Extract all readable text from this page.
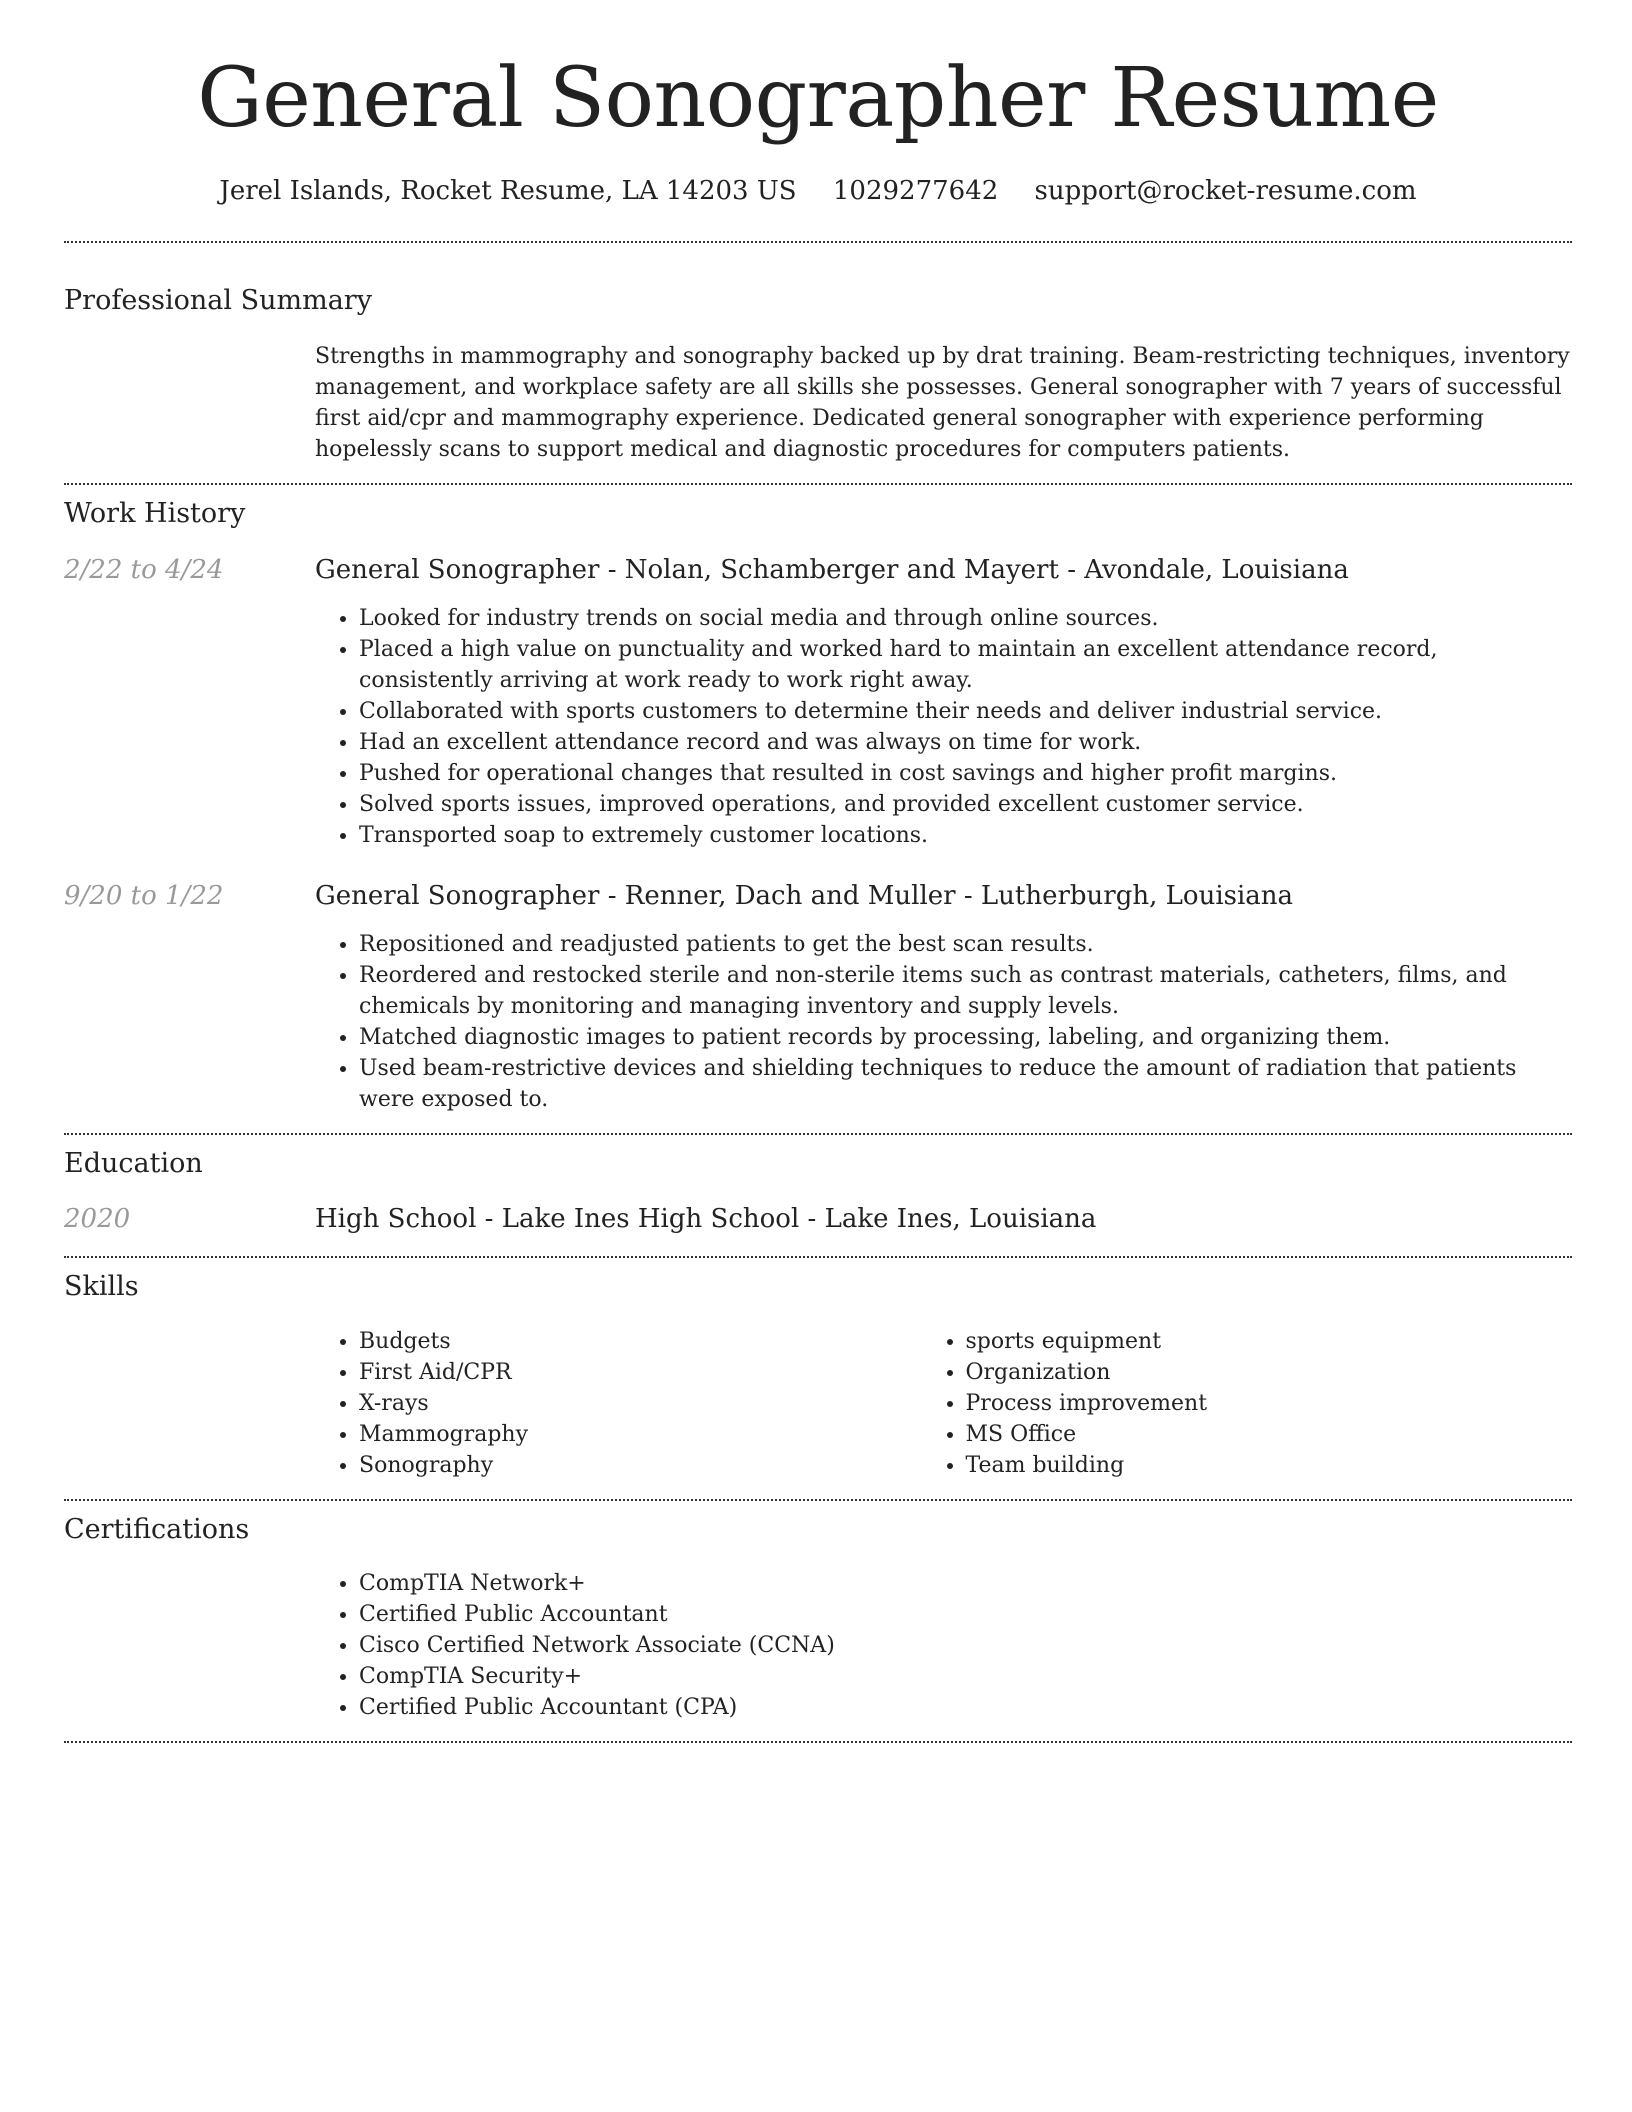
General Sonographer Resume
Jerel Islands, Rocket Resume, LA 14203 US 1029277642 support@rocket-resume.com
Professional Summary

Strengths in mammography and sonography backed up by drat training. Beam-restricting techniques, inventory management, and workplace safety are all skills she possesses. General sonographer with 7 years of successful first aid/cpr and mammography experience. Dedicated general sonographer with experience performing hopelessly scans to support medical and diagnostic procedures for computers patients.

Work History
2/22 to 4/24	General Sonographer - Nolan, Schamberger and Mayert - Avondale, Louisiana
• Looked for industry trends on social media and through online sources.
• Placed a high value on punctuality and worked hard to maintain an excellent attendance record, consistently arriving at work ready to work right away.
• Collaborated with sports customers to determine their needs and deliver industrial service.
• Had an excellent attendance record and was always on time for work.
• Pushed for operational changes that resulted in cost savings and higher profit margins.
• Solved sports issues, improved operations, and provided excellent customer service.
• Transported soap to extremely customer locations.
9/20 to 1/22	General Sonographer - Renner, Dach and Muller - Lutherburgh, Louisiana
• Repositioned and readjusted patients to get the best scan results.
• Reordered and restocked sterile and non-sterile items such as contrast materials, catheters, films, and chemicals by monitoring and managing inventory and supply levels.
• Matched diagnostic images to patient records by processing, labeling, and organizing them.
• Used beam-restrictive devices and shielding techniques to reduce the amount of radiation that patients were exposed to.
Education
2020	High School - Lake Ines High School - Lake Ines, Louisiana
Skills
• Budgets
• First Aid/CPR
• X-rays
• Mammography
• Sonography
• sports equipment
• Organization
• Process improvement
• MS Office
• Team building
Certifications
• CompTIA Network+
• Certified Public Accountant
• Cisco Certified Network Associate (CCNA)
• CompTIA Security+
• Certified Public Accountant (CPA)
